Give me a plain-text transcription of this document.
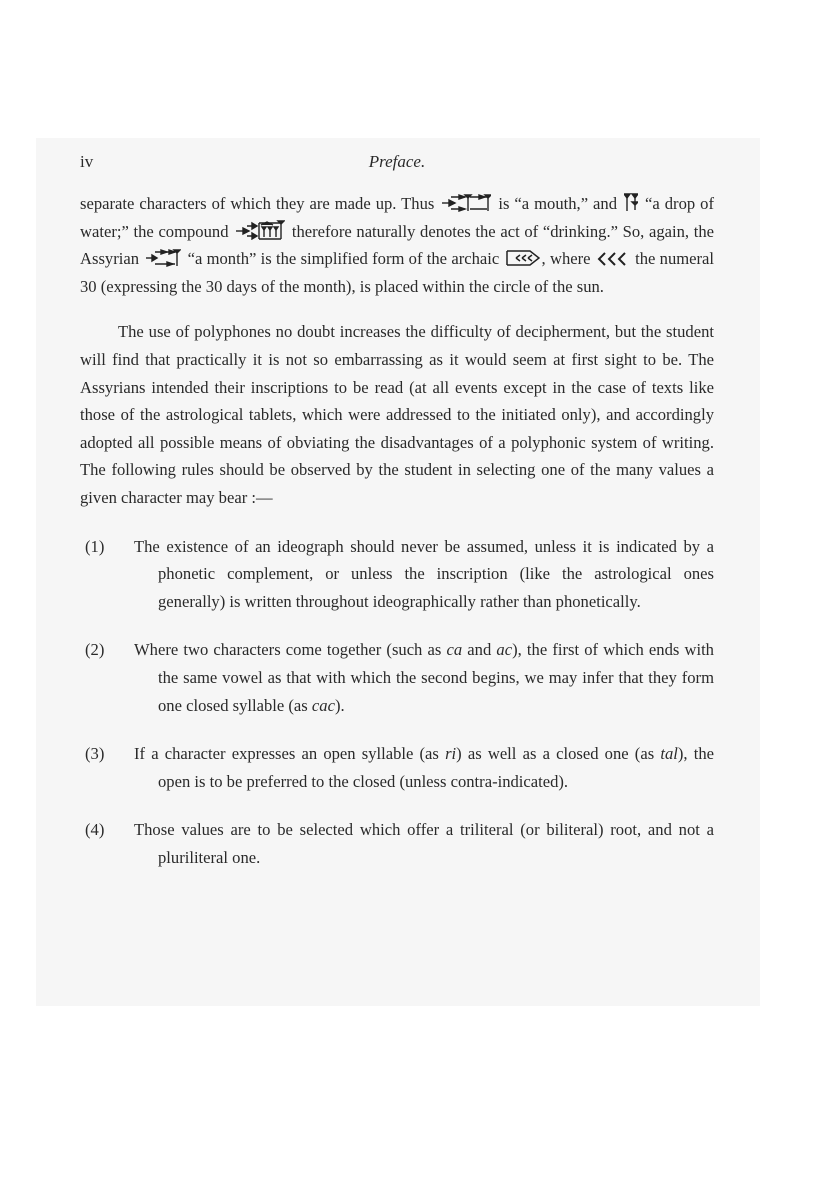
iv	Preface.

separate characters of which they are made up. Thus	is “a mouth,” and “a drop of water;” the compound	therefore naturally denotes the act of “drinking.” So, again, the Assyrian	“a month” is the simplified form of the archaic	, where	the numeral 30 (expressing the 30 days of the month), is placed within the circle of the sun.

The use of polyphones no doubt increases the difficulty of decipherment, but the student will find that practically it is not so embarrassing as it would seem at first sight to be. The Assyrians intended their inscriptions to be read (at all events except in the case of texts like those of the astrological tablets, which were addressed to the initiated only), and accordingly adopted all possible means of obviating the disadvantages of a polyphonic system of writing. The following rules should be observed by the student in selecting one of the many values a given character may bear :—

(1) The existence of an ideograph should never be assumed, unless it is indicated by a phonetic complement, or unless the inscription (like the astrological ones generally) is written throughout ideographically rather than phonetically.
(2) Where two characters come together (such as ca and ac), the first of which ends with the same vowel as that with which the second begins, we may infer that they form one closed syllable (as cac).
(3) If a character expresses an open syllable (as ri) as well as a closed one (as tal), the open is to be preferred to the closed (unless contra-indicated).
(4) Those values are to be selected which offer a triliteral (or biliteral) root, and not a pluriliteral one.
